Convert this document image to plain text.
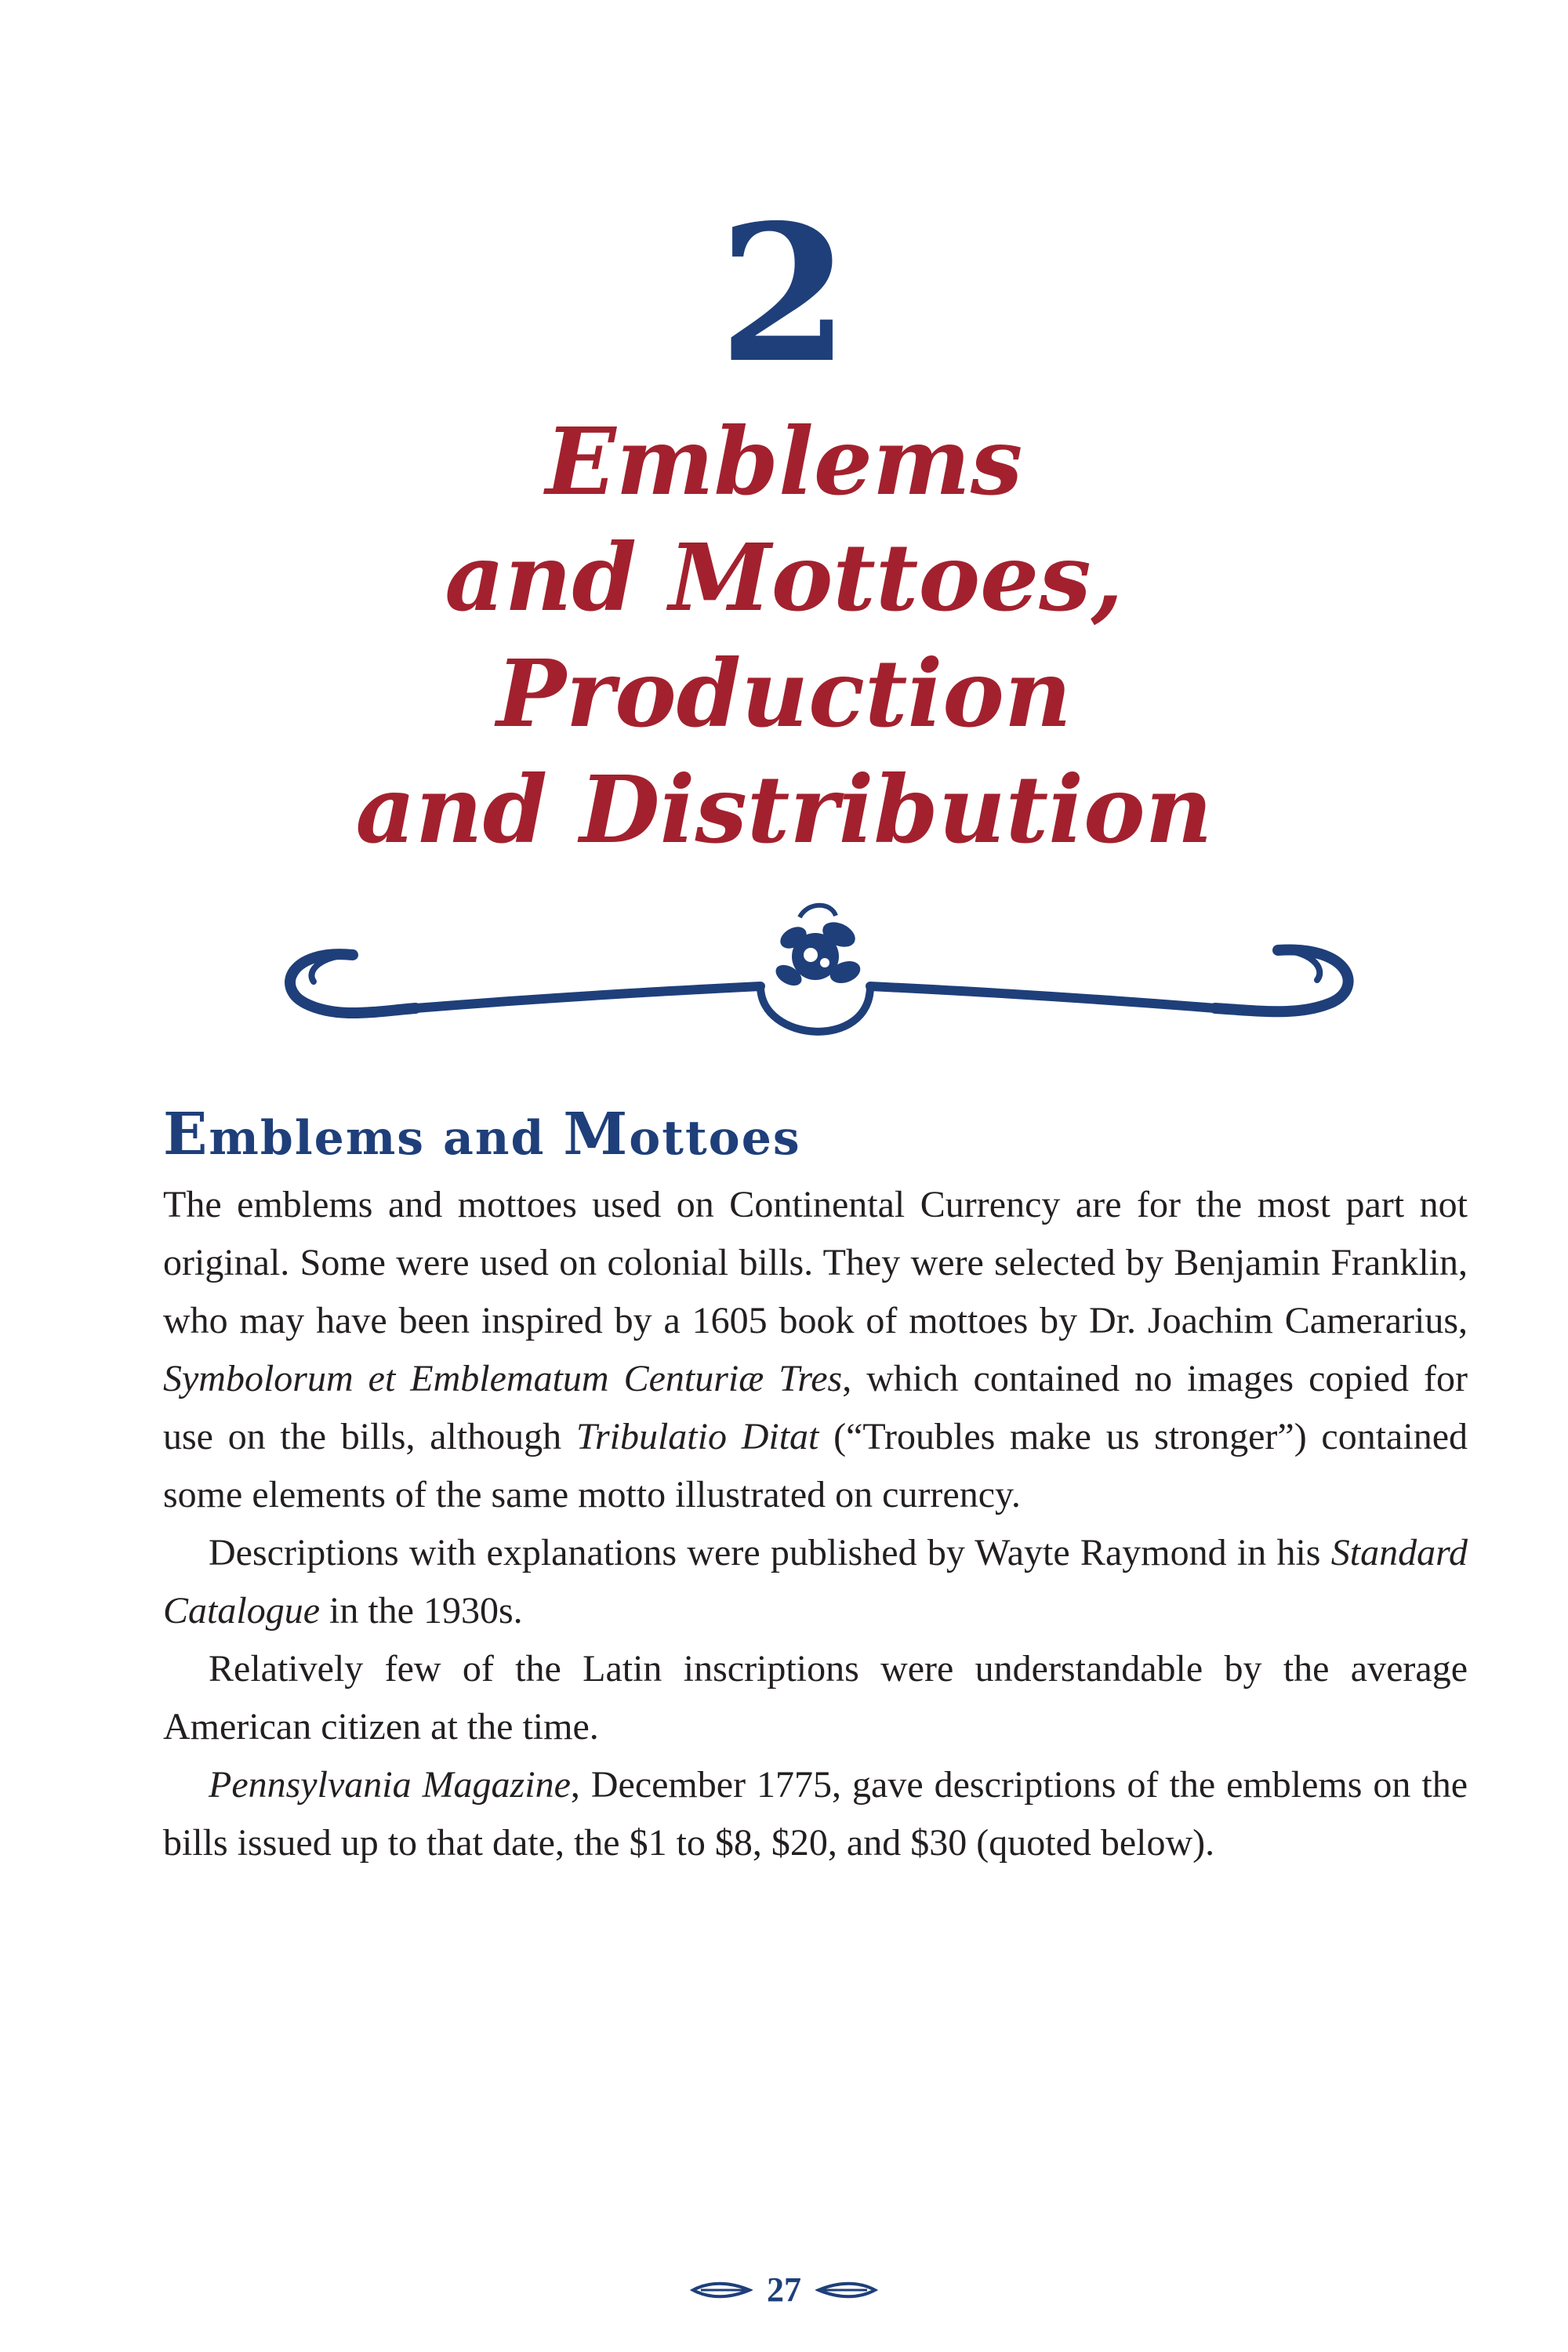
2
Emblems
and Mottoes,
Production
and Distribution
Emblems and Mottoes

The emblems and mottoes used on Continental Currency are for the most part not original. Some were used on colonial bills. They were selected by Benjamin Franklin, who may have been inspired by a 1605 book of mottoes by Dr. Joachim Camerarius, Symbolorum et Emblematum Centuriæ Tres, which contained no images copied for use on the bills, although Tribulatio Ditat (“Troubles make us stronger”) contained some elements of the same motto illustrated on currency.

Descriptions with explanations were published by Wayte Raymond in his Standard Catalogue in the 1930s.

Relatively few of the Latin inscriptions were understandable by the average American citizen at the time.

Pennsylvania Magazine, December 1775, gave descriptions of the emblems on the bills issued up to that date, the $1 to $8, $20, and $30 (quoted below).

27
